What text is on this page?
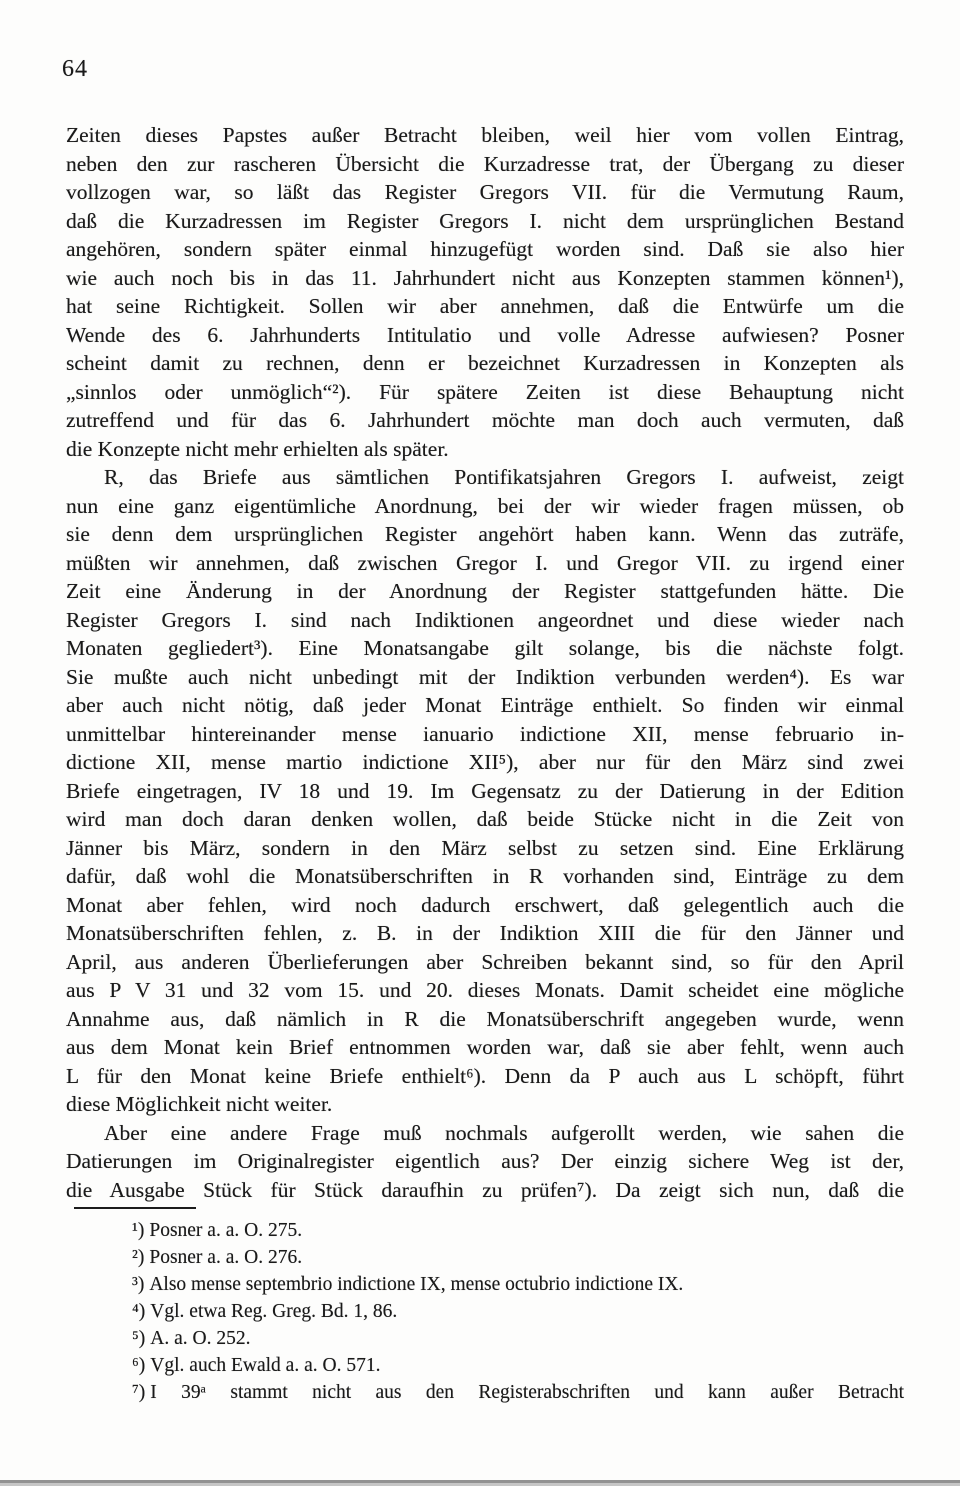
64
Zeiten dieses Papstes außer Betracht bleiben, weil hier vom vollen Eintrag,
neben den zur rascheren Übersicht die Kurzadresse trat, der Übergang zu dieser
vollzogen war, so läßt das Register Gregors VII. für die Vermutung Raum,
daß die Kurzadressen im Register Gregors I. nicht dem ursprünglichen Bestand
angehören, sondern später einmal hinzugefügt worden sind. Daß sie also hier
wie auch noch bis in das 11. Jahrhundert nicht aus Konzepten stammen können¹),
hat seine Richtigkeit. Sollen wir aber annehmen, daß die Entwürfe um die
Wende des 6. Jahrhunderts Intitulatio und volle Adresse aufwiesen? Posner
scheint damit zu rechnen, denn er bezeichnet Kurzadressen in Konzepten als
„sinnlos oder unmöglich“²). Für spätere Zeiten ist diese Behauptung nicht
zutreffend und für das 6. Jahrhundert möchte man doch auch vermuten, daß
die Konzepte nicht mehr erhielten als später.
R, das Briefe aus sämtlichen Pontifikatsjahren Gregors I. aufweist, zeigt
nun eine ganz eigentümliche Anordnung, bei der wir wieder fragen müssen, ob
sie denn dem ursprünglichen Register angehört haben kann. Wenn das zuträfe,
müßten wir annehmen, daß zwischen Gregor I. und Gregor VII. zu irgend einer
Zeit eine Änderung in der Anordnung der Register stattgefunden hätte. Die
Register Gregors I. sind nach Indiktionen angeordnet und diese wieder nach
Monaten gegliedert³). Eine Monatsangabe gilt solange, bis die nächste folgt.
Sie mußte auch nicht unbedingt mit der Indiktion verbunden werden⁴). Es war
aber auch nicht nötig, daß jeder Monat Einträge enthielt. So finden wir einmal
unmittelbar hintereinander mense ianuario indictione XII, mense februario in-
dictione XII, mense martio indictione XII⁵), aber nur für den März sind zwei
Briefe eingetragen, IV 18 und 19. Im Gegensatz zu der Datierung in der Edition
wird man doch daran denken wollen, daß beide Stücke nicht in die Zeit von
Jänner bis März, sondern in den März selbst zu setzen sind. Eine Erklärung
dafür, daß wohl die Monatsüberschriften in R vorhanden sind, Einträge zu dem
Monat aber fehlen, wird noch dadurch erschwert, daß gelegentlich auch die
Monatsüberschriften fehlen, z. B. in der Indiktion XIII die für den Jänner und
April, aus anderen Überlieferungen aber Schreiben bekannt sind, so für den April
aus P V 31 und 32 vom 15. und 20. dieses Monats. Damit scheidet eine mögliche
Annahme aus, daß nämlich in R die Monatsüberschrift angegeben wurde, wenn
aus dem Monat kein Brief entnommen worden war, daß sie aber fehlt, wenn auch
L für den Monat keine Briefe enthielt⁶). Denn da P auch aus L schöpft, führt
diese Möglichkeit nicht weiter.
Aber eine andere Frage muß nochmals aufgerollt werden, wie sahen die
Datierungen im Originalregister eigentlich aus? Der einzig sichere Weg ist der,
die Ausgabe Stück für Stück daraufhin zu prüfen⁷). Da zeigt sich nun, daß die
¹) Posner a. a. O. 275.
²) Posner a. a. O. 276.
³) Also mense septembrio indictione IX, mense octubrio indictione IX.
⁴) Vgl. etwa Reg. Greg. Bd. 1, 86.
⁵) A. a. O. 252.
⁶) Vgl. auch Ewald a. a. O. 571.
⁷) I 39ᵃ stammt nicht aus den Registerabschriften und kann außer Betracht
